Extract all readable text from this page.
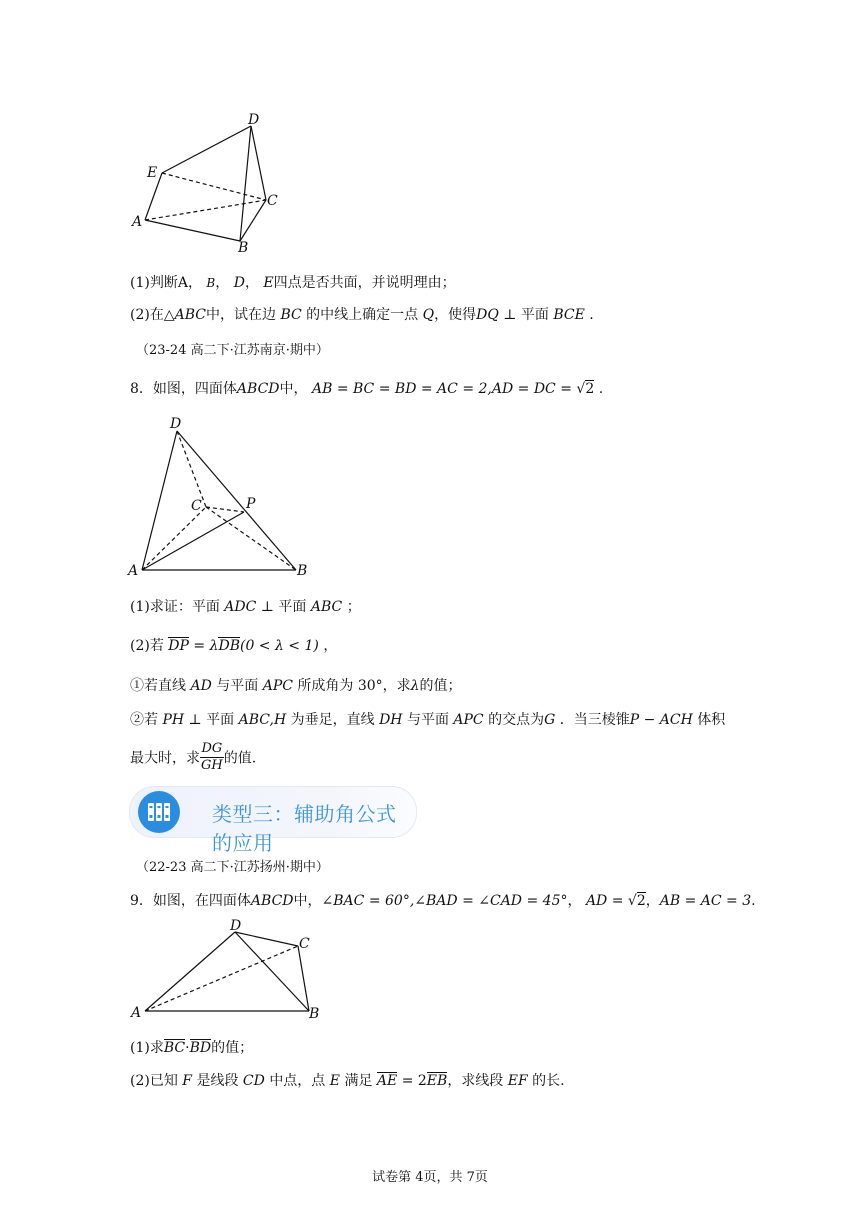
D
E
C
A
B
(1)判断A， B， D， E四点是否共面，并说明理由；
(2)在△ABC中，试在边 BC 的中线上确定一点 Q，使得DQ ⊥ 平面 BCE .
（23-24 高二下·江苏南京·期中）
8．如图，四面体ABCD中， AB = BC = BD = AC = 2,AD = DC = √2 .
D
C	P
A	B
(1)求证：平面 ADC ⊥ 平面 ABC ；
(2)若 DP = λDB(0 < λ < 1) ，
①若直线 AD 与平面 APC 所成角为 30°，求λ的值；
②若 PH ⊥ 平面 ABC,H 为垂足，直线 DH 与平面 APC 的交点为G ．当三棱锥P − ACH 体积
最大时，求 $\frac{DG}{GH}$ 的值.
类型三：辅助角公式的应用
（22-23 高二下·江苏扬州·期中）
9．如图，在四面体ABCD中，∠BAC = 60°,∠BAD = ∠CAD = 45°， AD = √2，AB = AC = 3.
D
C
A	B
(1)求BC·BD的值；
(2)已知 F 是线段 CD 中点，点 E 满足 AE = 2EB，求线段 EF 的长.
试卷第 4页，共 7页
